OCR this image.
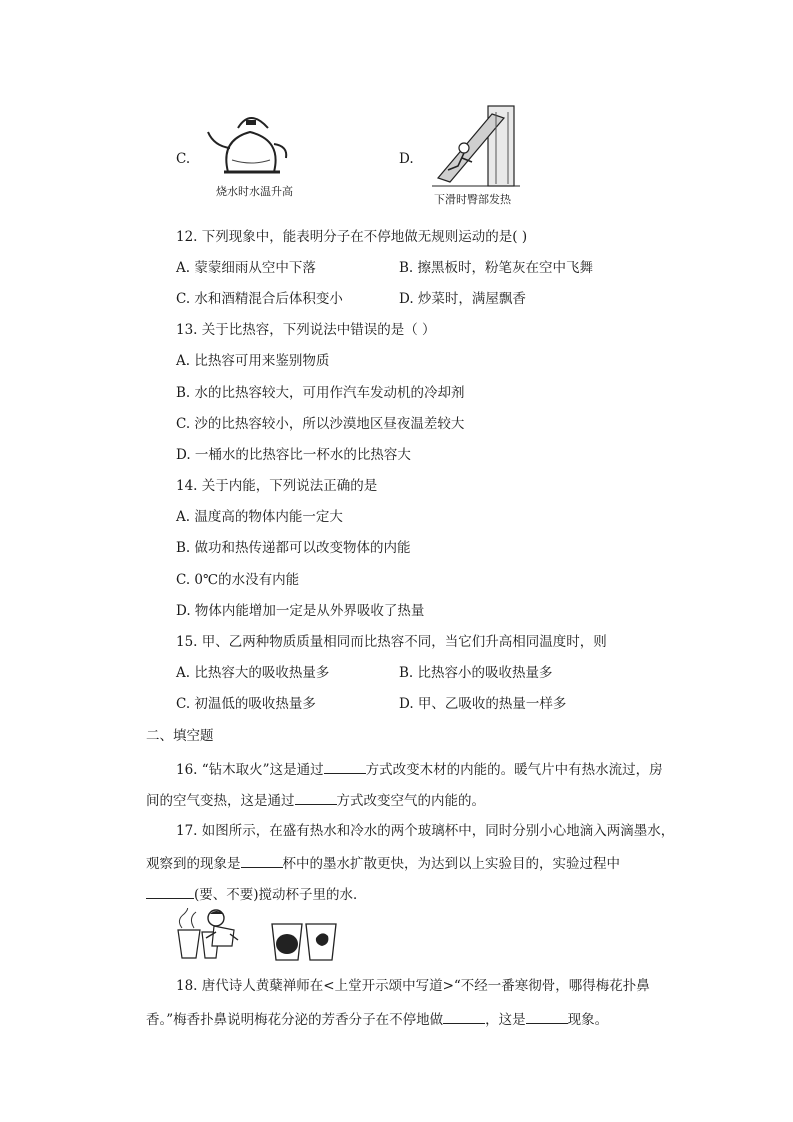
C.
烧水时水温升高
D.
下滑时臀部发热
12. 下列现象中，能表明分子在不停地做无规则运动的是( )
A. 蒙蒙细雨从空中下落	B. 擦黑板时，粉笔灰在空中飞舞
C. 水和酒精混合后体积变小	D. 炒菜时，满屋飘香
13. 关于比热容，下列说法中错误的是（ ）
A. 比热容可用来鉴别物质
B. 水的比热容较大，可用作汽车发动机的冷却剂
C. 沙的比热容较小，所以沙漠地区昼夜温差较大
D. 一桶水的比热容比一杯水的比热容大
14. 关于内能，下列说法正确的是
A. 温度高的物体内能一定大
B. 做功和热传递都可以改变物体的内能
C. 0℃的水没有内能
D. 物体内能增加一定是从外界吸收了热量
15. 甲、乙两种物质质量相同而比热容不同，当它们升高相同温度时，则
A. 比热容大的吸收热量多	B. 比热容小的吸收热量多
C. 初温低的吸收热量多	D. 甲、乙吸收的热量一样多
二、填空题
16. “钻木取火”这是通过	方式改变木材的内能的。暖气片中有热水流过，房
间的空气变热，这是通过	方式改变空气的内能的。
17. 如图所示，在盛有热水和冷水的两个玻璃杯中，同时分别小心地滴入两滴墨水，
观察到的现象是	杯中的墨水扩散更快，为达到以上实验目的，实验过程中
(要、不要)搅动杯子里的水．
18. 唐代诗人黄蘖禅师在<上堂开示颂中写道>“不经一番寒彻骨，哪得梅花扑鼻
香。”梅香扑鼻说明梅花分泌的芳香分子在不停地做	，这是	现象。
